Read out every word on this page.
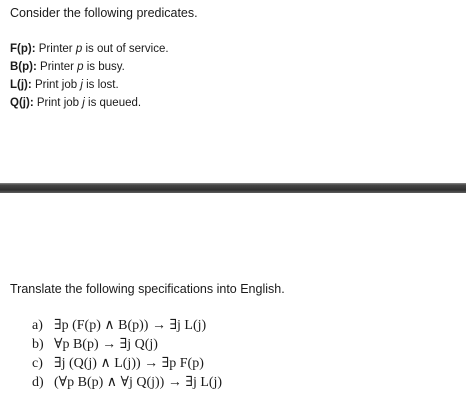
Consider the following predicates.
F(p): Printer p is out of service.
B(p): Printer p is busy.
L(j): Print job j is lost.
Q(j): Print job j is queued.
Translate the following specifications into English.
a) ∃p (F(p) ∧ B(p)) → ∃j L(j)
b) ∀p B(p) → ∃j Q(j)
c) ∃j (Q(j) ∧ L(j)) → ∃p F(p)
d) (∀p B(p) ∧ ∀j Q(j)) → ∃j L(j)
